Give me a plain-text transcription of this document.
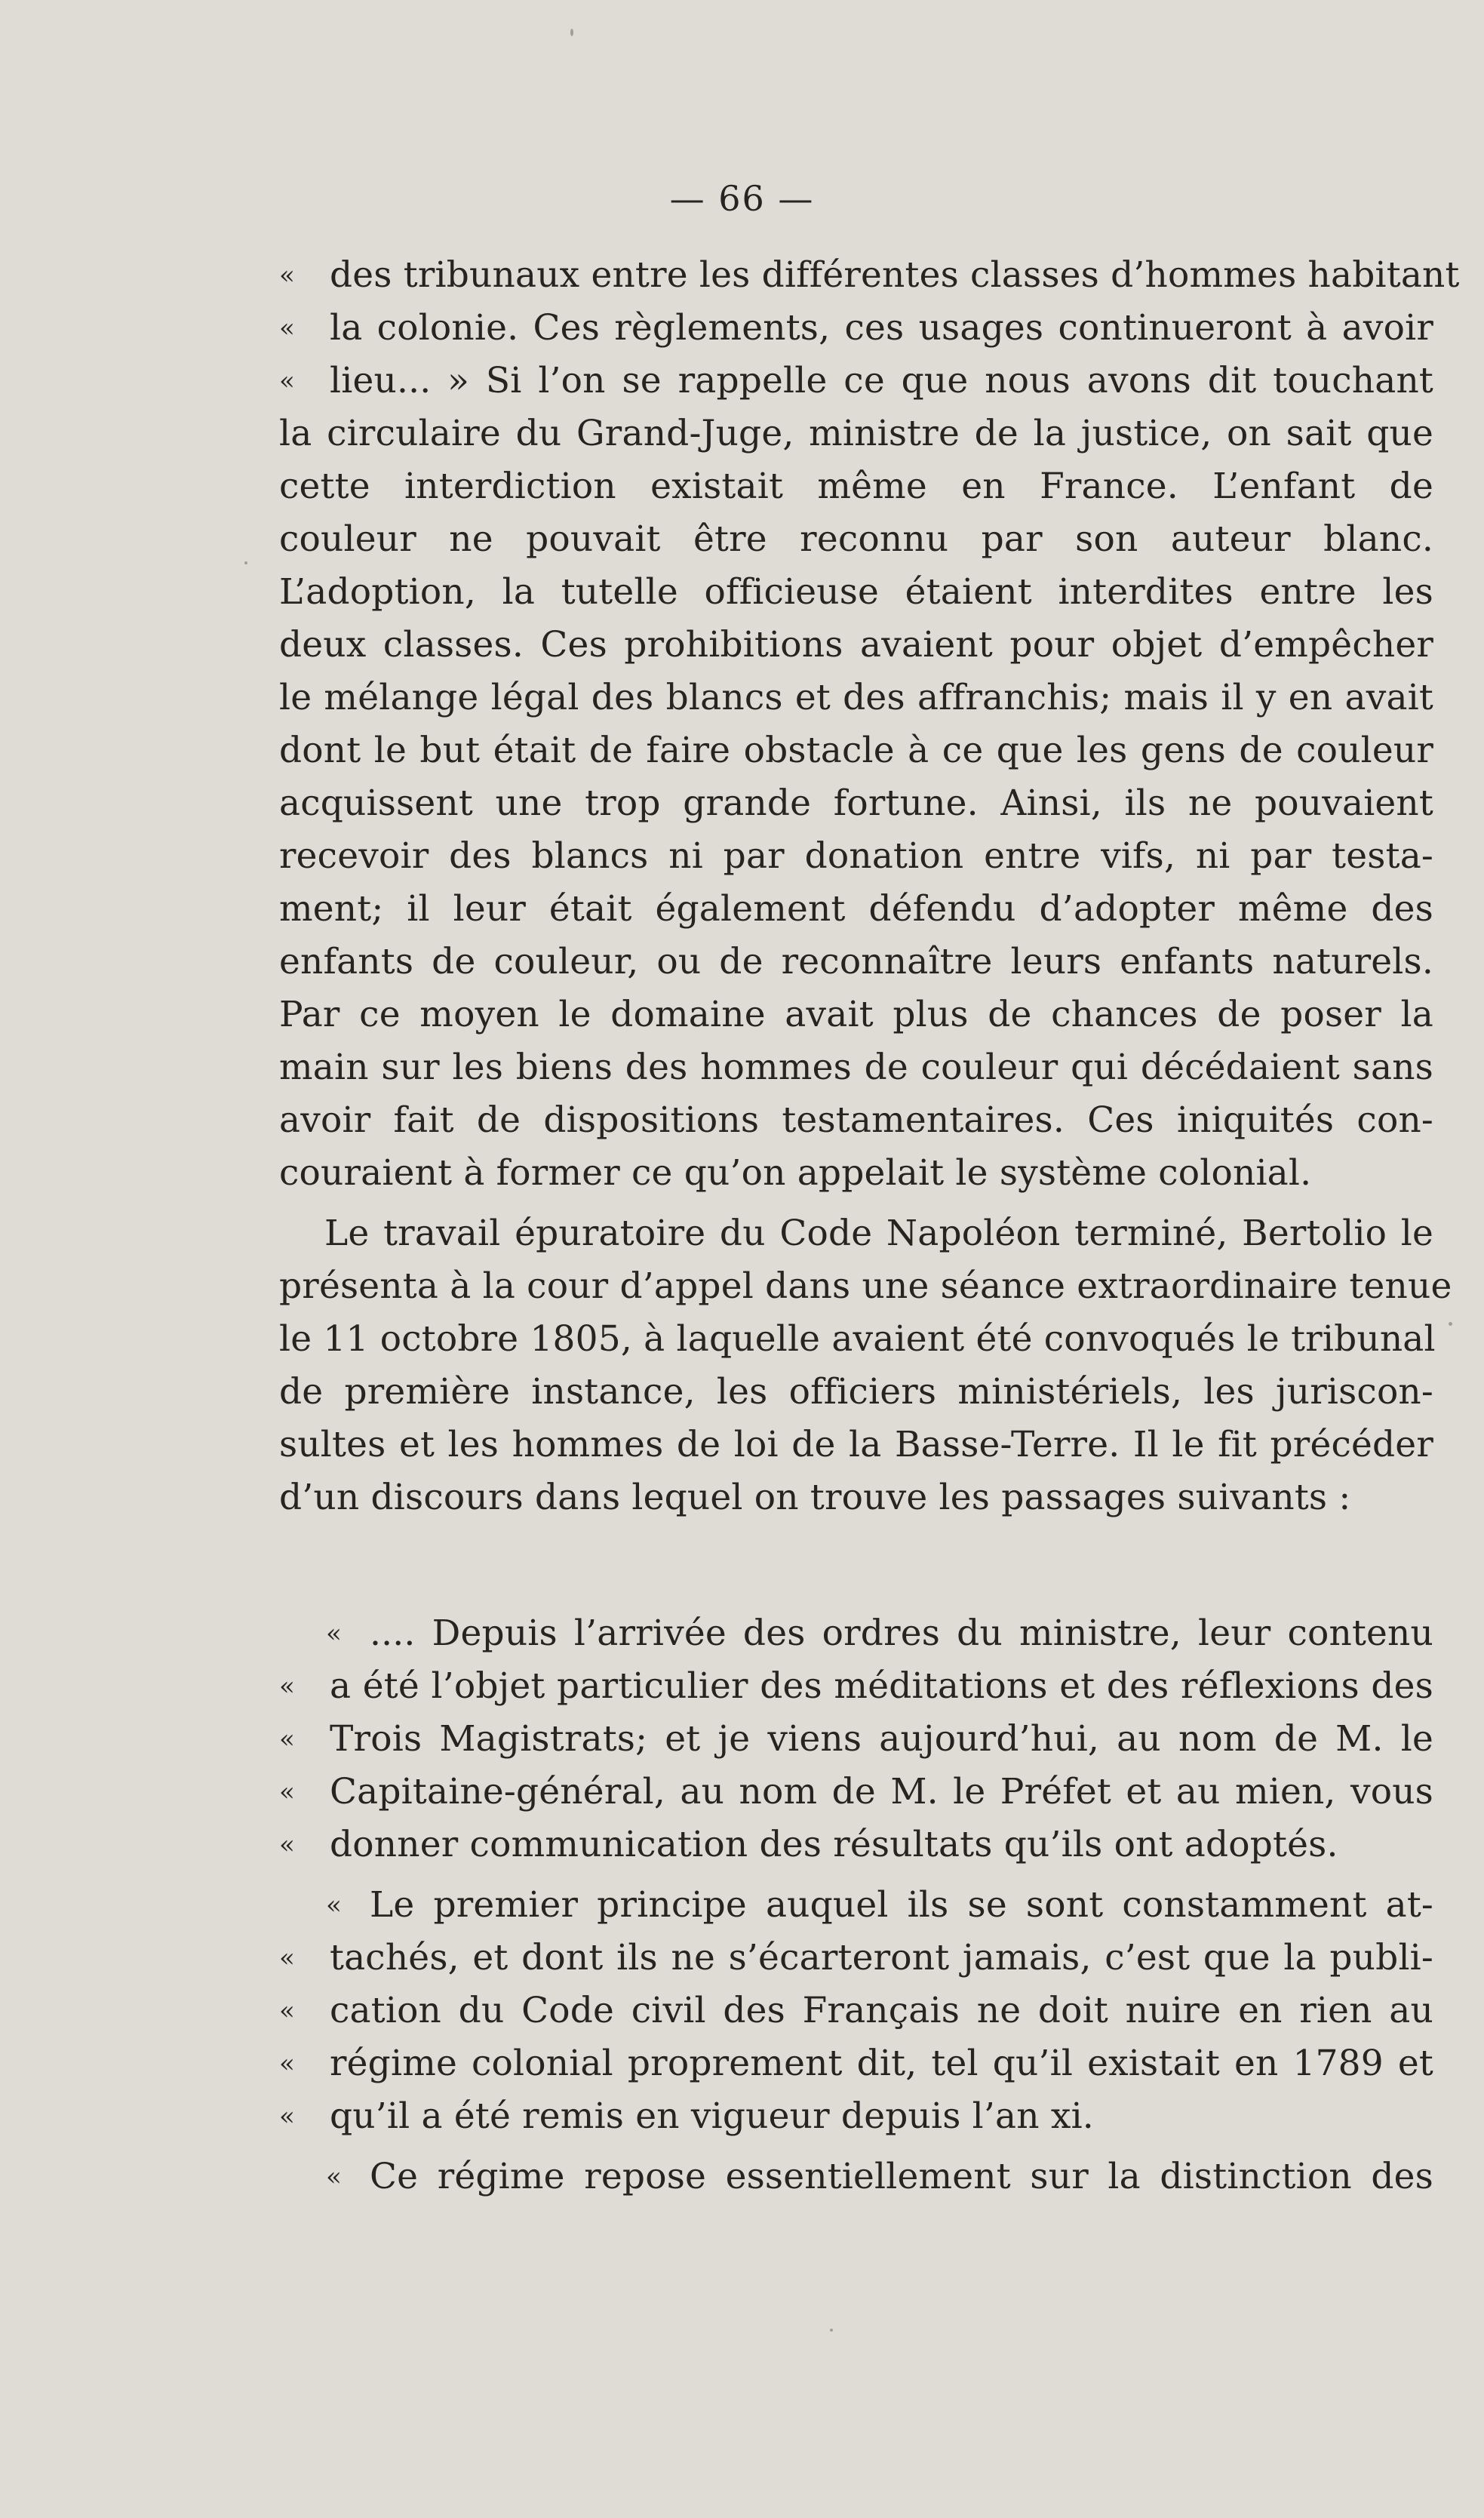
— 66 —
« des tribunaux entre les différentes classes d’hommes habitant
« la colonie. Ces règlements, ces usages continueront à avoir
« lieu... » Si l’on se rappelle ce que nous avons dit touchant
la circulaire du Grand-Juge, ministre de la justice, on sait que
cette interdiction existait même en France. L’enfant de
couleur ne pouvait être reconnu par son auteur blanc.
L’adoption, la tutelle officieuse étaient interdites entre les
deux classes. Ces prohibitions avaient pour objet d’empêcher
le mélange légal des blancs et des affranchis; mais il y en avait
dont le but était de faire obstacle à ce que les gens de couleur
acquissent une trop grande fortune. Ainsi, ils ne pouvaient
recevoir des blancs ni par donation entre vifs, ni par testa-
ment; il leur était également défendu d’adopter même des
enfants de couleur, ou de reconnaître leurs enfants naturels.
Par ce moyen le domaine avait plus de chances de poser la
main sur les biens des hommes de couleur qui décédaient sans
avoir fait de dispositions testamentaires. Ces iniquités con-
couraient à former ce qu’on appelait le système colonial.
Le travail épuratoire du Code Napoléon terminé, Bertolio le
présenta à la cour d’appel dans une séance extraordinaire tenue
le 11 octobre 1805, à laquelle avaient été convoqués le tribunal
de première instance, les officiers ministériels, les juriscon-
sultes et les hommes de loi de la Basse-Terre. Il le fit précéder
d’un discours dans lequel on trouve les passages suivants :
« .... Depuis l’arrivée des ordres du ministre, leur contenu
« a été l’objet particulier des méditations et des réflexions des
« Trois Magistrats; et je viens aujourd’hui, au nom de M. le
« Capitaine-général, au nom de M. le Préfet et au mien, vous
« donner communication des résultats qu’ils ont adoptés.
« Le premier principe auquel ils se sont constamment at-
« tachés, et dont ils ne s’écarteront jamais, c’est que la publi-
« cation du Code civil des Français ne doit nuire en rien au
« régime colonial proprement dit, tel qu’il existait en 1789 et
« qu’il a été remis en vigueur depuis l’an xi.
« Ce régime repose essentiellement sur la distinction des
